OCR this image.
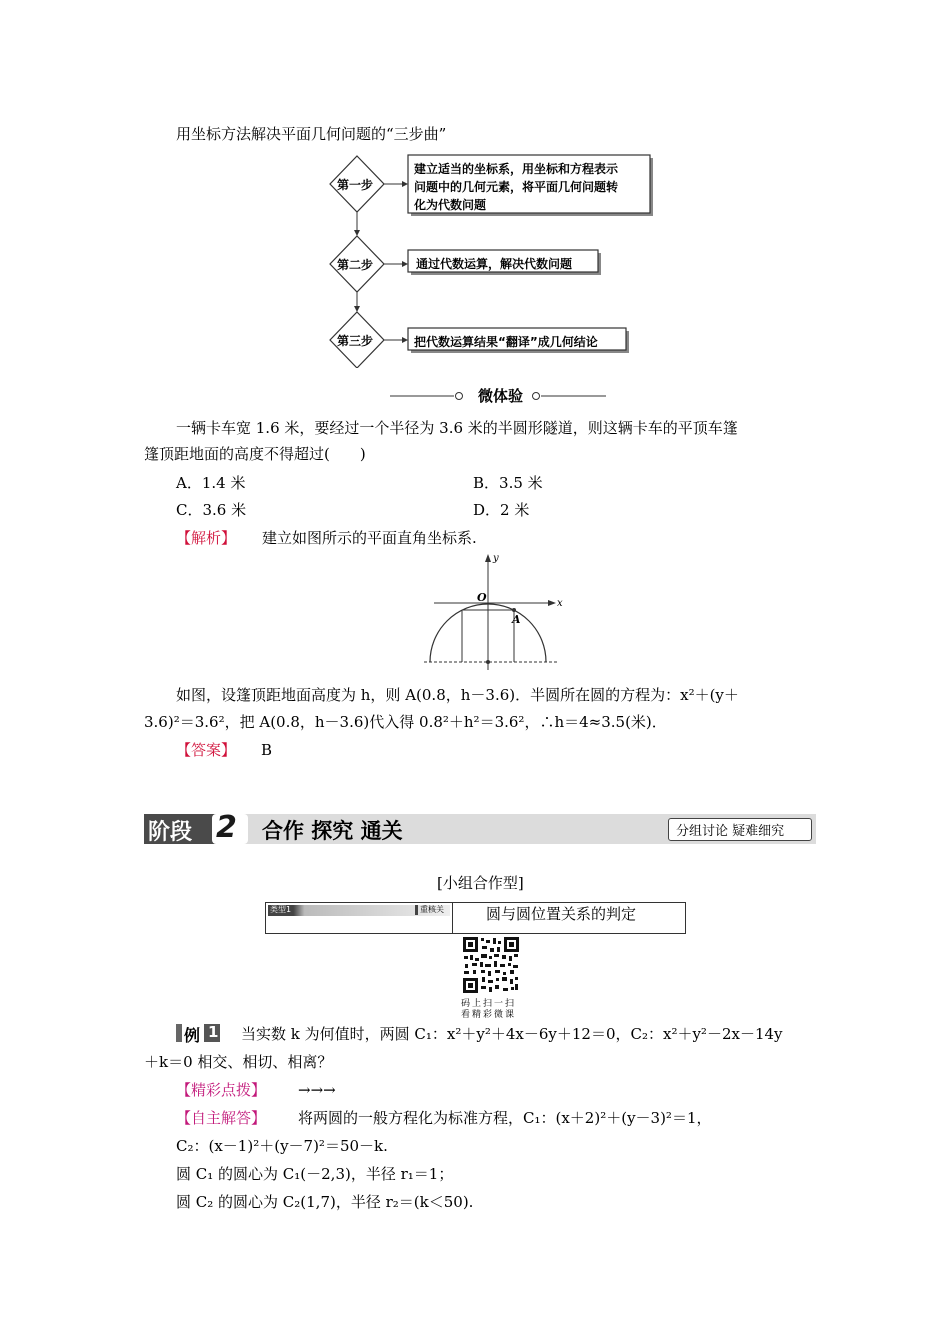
用坐标方法解决平面几何问题的“三步曲”
第一步
第二步
第三步
建立适当的坐标系，用坐标和方程表示
问题中的几何元素，将平面几何问题转
化为代数问题
通过代数运算，解决代数问题
把代数运算结果“翻译”成几何结论
微体验
一辆卡车宽 1.6 米，要经过一个半径为 3.6 米的半圆形隧道，则这辆卡车的平顶车篷
篷顶距地面的高度不得超过(　　)
A．1.4 米	B．3.5 米
C．3.6 米	D．2 米
【解析】 建立如图所示的平面直角坐标系.
y
x
O
A
如图，设篷顶距地面高度为 h，则 A(0.8，h－3.6)．半圆所在圆的方程为：x²＋(y＋
3.6)²＝3.6²，把 A(0.8，h－3.6)代入得 0.8²＋h²＝3.6²，∴h＝4≈3.5(米)．
【答案】 B
阶段 2 合作 探究 通关	分组讨论 疑难细究
[小组合作型]
类型1	重核关	圆与圆位置关系的判定
码上扫一扫
看精彩微课
例 1 当实数 k 为何值时，两圆 C₁：x²＋y²＋4x－6y＋12＝0，C₂：x²＋y²－2x－14y
＋k＝0 相交、相切、相离？
【精彩点拨】 →→→
【自主解答】 将两圆的一般方程化为标准方程，C₁：(x＋2)²＋(y－3)²＝1，
C₂：(x－1)²＋(y－7)²＝50－k.
圆 C₁ 的圆心为 C₁(－2,3)，半径 r₁＝1；
圆 C₂ 的圆心为 C₂(1,7)，半径 r₂＝(k＜50).
